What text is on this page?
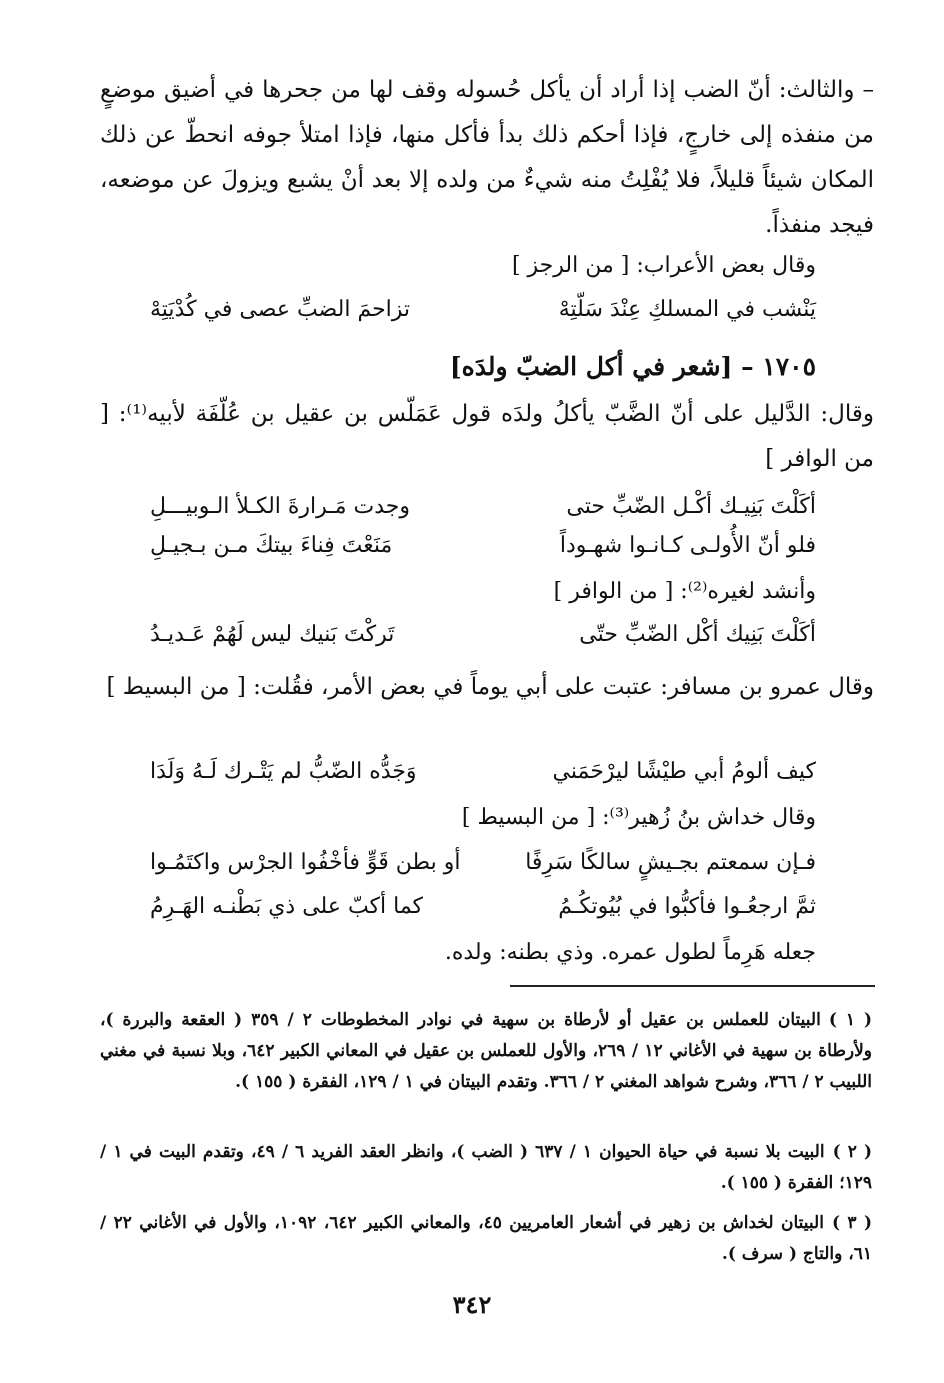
– والثالث: أنّ الضب إذا أراد أن يأكل حُسوله وقف لها من جحرها في أضيق موضعٍ من منفذه إلى خارجٍ، فإذا أحكم ذلك بدأ فأكل منها، فإذا امتلأ جوفه انحطّ عن ذلك المكان شيئاً قليلاً، فلا يُفْلِتُ منه شيءٌ من ولده إلا بعد أنْ يشبع ويزولَ عن موضعه، فيجد منفذاً.
وقال بعض الأعراب: [ من الرجز ]
يَنْشب في المسلكِ عِنْدَ سَلّتِهْ
تزاحمَ الضبِّ عصى في كُدْيَتِهْ
١٧٠٥ – [شعر في أكل الضبّ ولدَه]
وقال: الدَّليل على أنّ الضَّبّ يأكلُ ولدَه قول عَمَلّس بن عقيل بن عُلّفَة لأبيه⁽¹⁾: [ من الوافر ]
أكَلْتَ بَنِيـك أكْـل الضّبِّ حتى
وجدت مَـرارةَ الكـلأ الـوبيـــلِ
فلو أنّ الأُولـى كـانـوا شهـوداً
مَنَعْتَ فِناءَ بيتكَ مـن بـجيـلِ
وأنشد لغيره⁽²⁾: [ من الوافر ]
أكَلْتَ بَنِيك أكْل الضّبِّ حتّى
تَركْتَ بَنيك ليس لَهُمْ عَـديـدُ
وقال عمرو بن مسافر: عتبت على أبي يوماً في بعض الأمر، فقُلت: [ من البسيط ]
كيف ألومُ أبي طيْشًا ليرْحَمَني
وَجَدُّه الضّبُّ لم يَتْـرك لَـهُ وَلَدَا
وقال خداش بنُ زُهير⁽³⁾: [ من البسيط ]
فـإن سمعتم بجـيشٍ سالكًا سَرِفًا
أو بطن قَوٍّ فأخْفُوا الجرْس واكتَمُـوا
ثمَّ ارجعُـوا فأكبُّوا في بُيُوتكُـمُ
كما أكبّ على ذي بَطْنـه الهَـرِمُ
جعله هَرِماً لطول عمره. وذي بطنه: ولده.
( ١ )البيتان للعملس بن عقيل أو لأرطاة بن سهية في نوادر المخطوطات ٢ / ٣٥٩ ( العقعة والبررة )، ولأرطاة بن سهية في الأغاني ١٢ / ٢٦٩، والأول للعملس بن عقيل في المعاني الكبير ٦٤٢، وبلا نسبة في مغني اللبيب ٢ / ٣٦٦، وشرح شواهد المغني ٢ / ٣٦٦. وتقدم البيتان في ١ / ١٢٩، الفقرة ( ١٥٥ ).
( ٢ )البيت بلا نسبة في حياة الحيوان ١ / ٦٣٧ ( الضب )، وانظر العقد الفريد ٦ / ٤٩، وتقدم البيت في ١ / ١٢٩؛ الفقرة ( ١٥٥ ).
( ٣ )البيتان لخداش بن زهير في أشعار العامريين ٤٥، والمعاني الكبير ٦٤٢، ١٠٩٢، والأول في الأغاني ٢٢ / ٦١، والتاج ( سرف ).
٣٤٢
